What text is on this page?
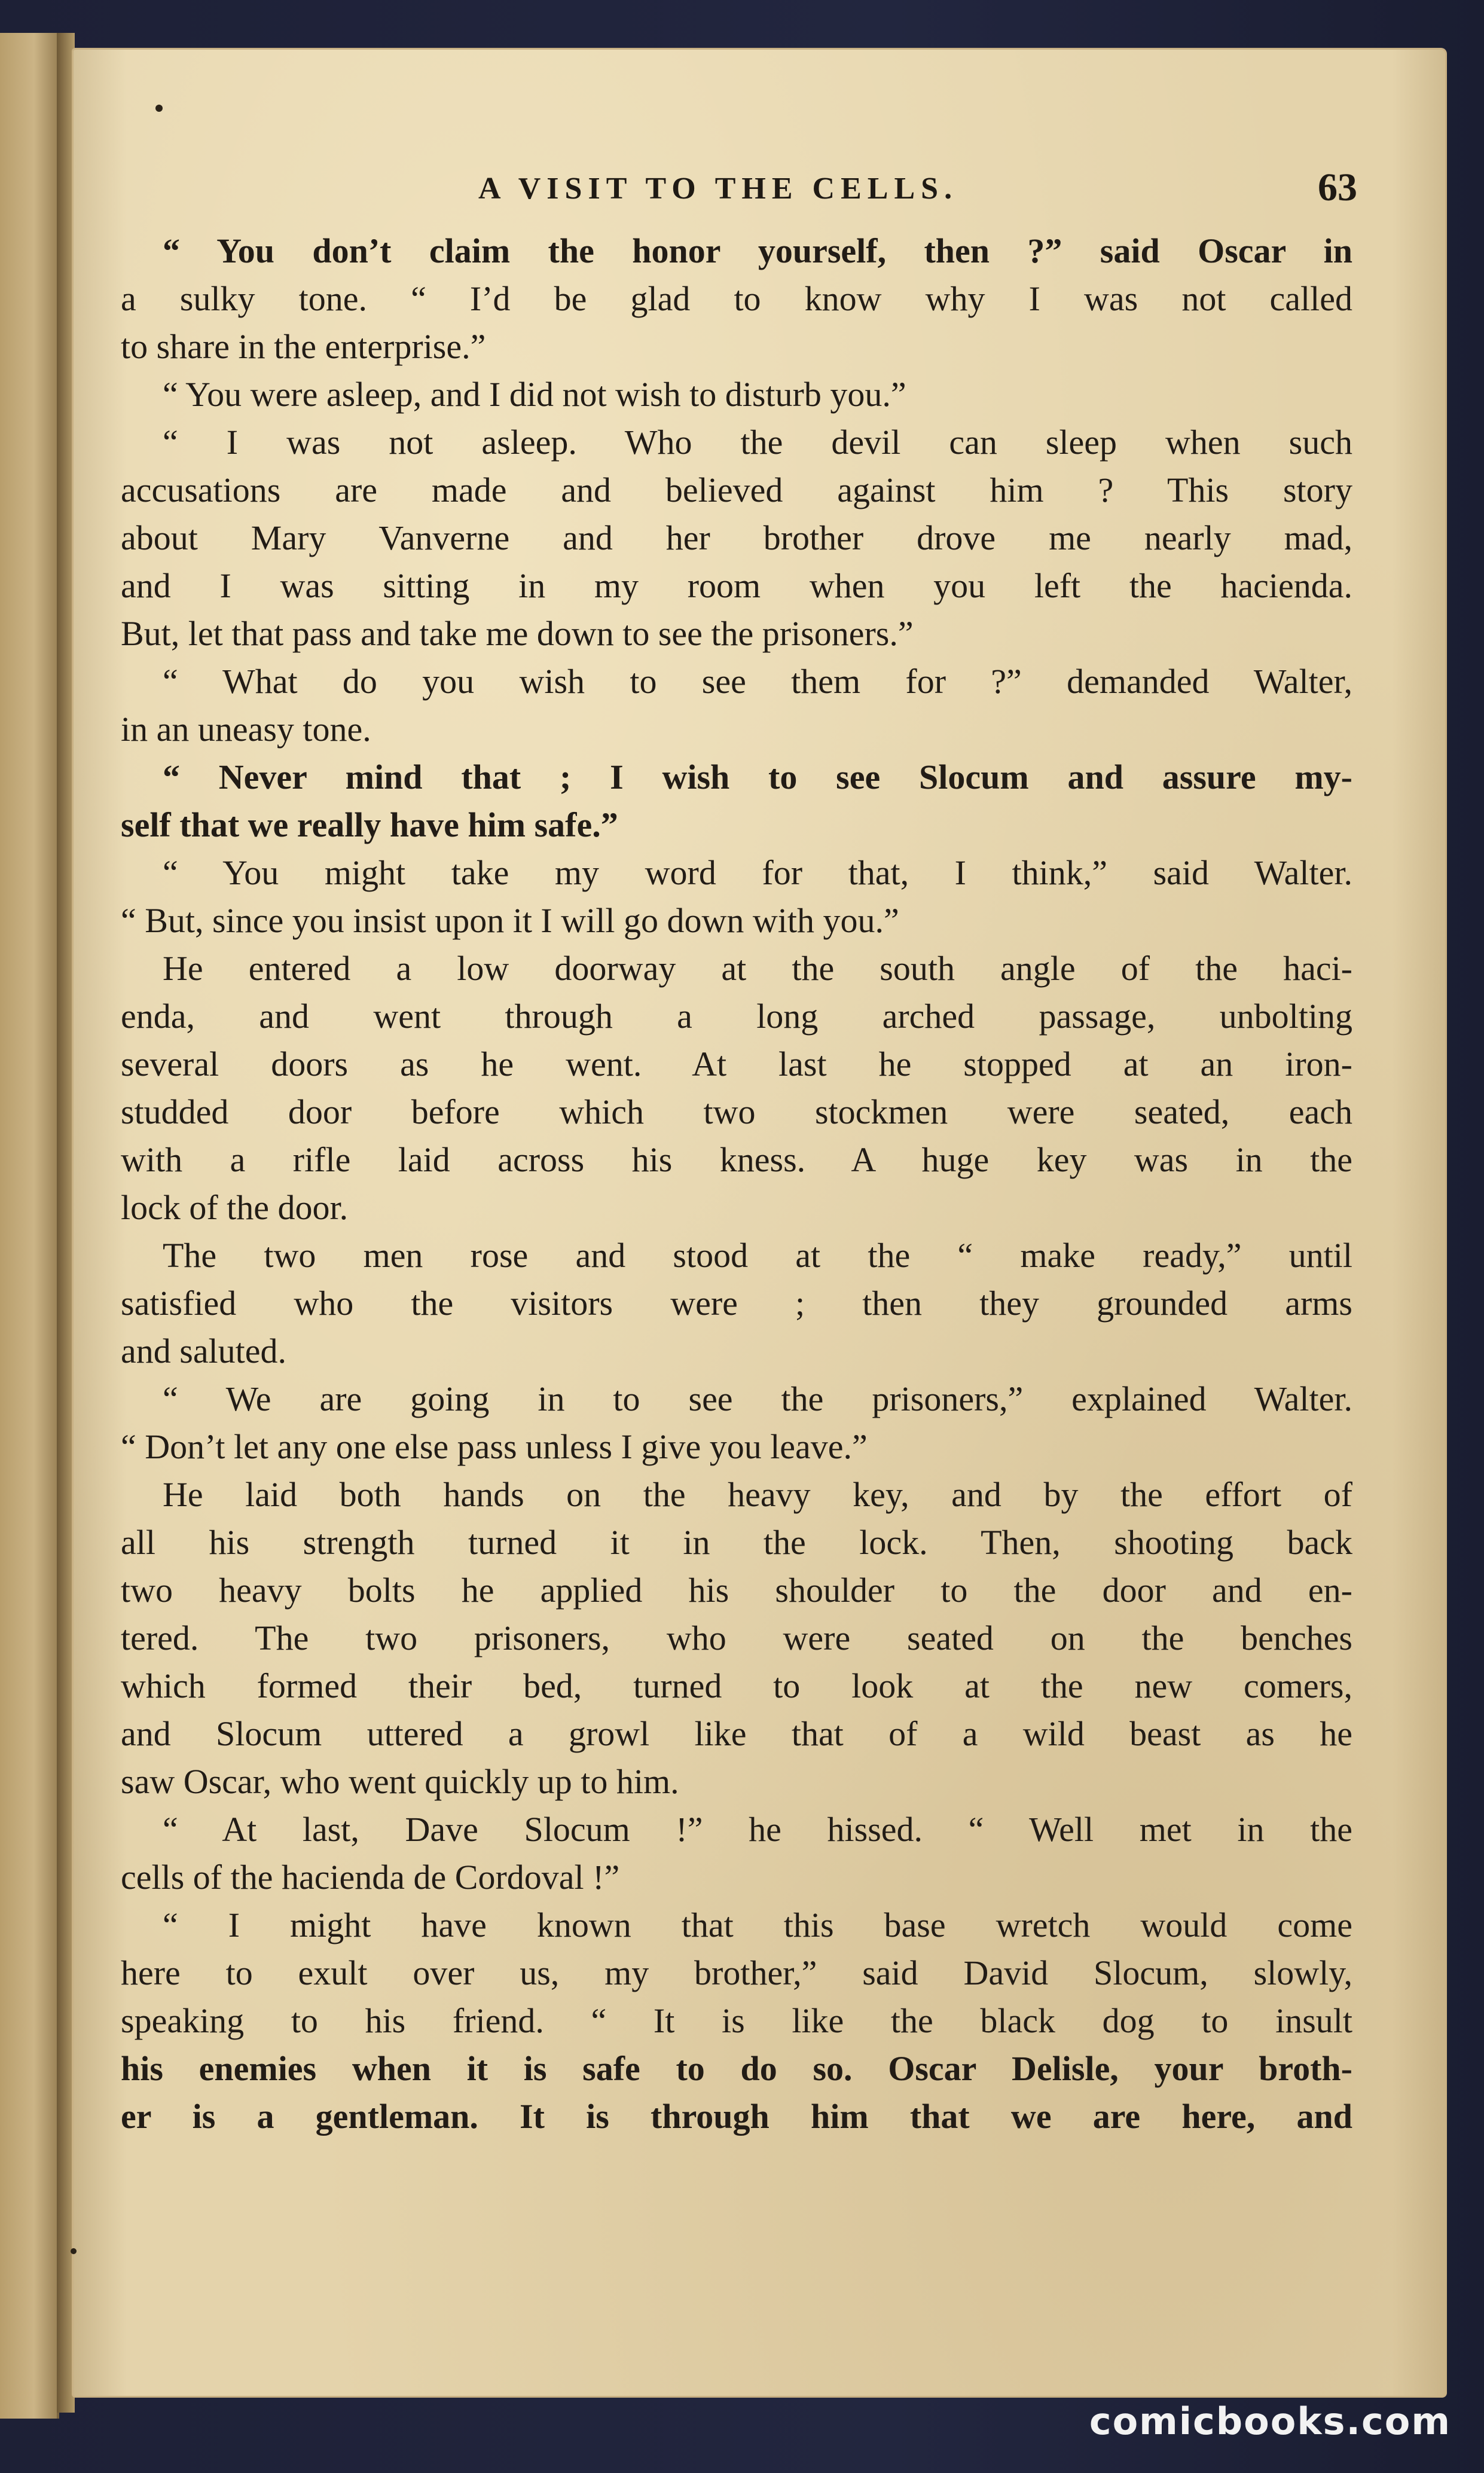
A VISIT TO THE CELLS.	63
“ You don’t claim the honor yourself, then ?” said Oscar in
a sulky tone. “ I’d be glad to know why I was not called
to share in the enterprise.”
“ You were asleep, and I did not wish to disturb you.”
“ I was not asleep. Who the devil can sleep when such
accusations are made and believed against him ? This story
about Mary Vanverne and her brother drove me nearly mad,
and I was sitting in my room when you left the hacienda.
But, let that pass and take me down to see the prisoners.”
“ What do you wish to see them for ?” demanded Walter,
in an uneasy tone.
“ Never mind that ; I wish to see Slocum and assure my-
self that we really have him safe.”
“ You might take my word for that, I think,” said Walter.
“ But, since you insist upon it I will go down with you.”
He entered a low doorway at the south angle of the haci-
enda, and went through a long arched passage, unbolting
several doors as he went. At last he stopped at an iron-
studded door before which two stockmen were seated, each
with a rifle laid across his kness. A huge key was in the
lock of the door.
The two men rose and stood at the “ make ready,” until
satisfied who the visitors were ; then they grounded arms
and saluted.
“ We are going in to see the prisoners,” explained Walter.
“ Don’t let any one else pass unless I give you leave.”
He laid both hands on the heavy key, and by the effort of
all his strength turned it in the lock. Then, shooting back
two heavy bolts he applied his shoulder to the door and en-
tered. The two prisoners, who were seated on the benches
which formed their bed, turned to look at the new comers,
and Slocum uttered a growl like that of a wild beast as he
saw Oscar, who went quickly up to him.
“ At last, Dave Slocum !” he hissed. “ Well met in the
cells of the hacienda de Cordoval !”
“ I might have known that this base wretch would come
here to exult over us, my brother,” said David Slocum, slowly,
speaking to his friend. “ It is like the black dog to insult
his enemies when it is safe to do so. Oscar Delisle, your broth-
er is a gentleman. It is through him that we are here, and
comicbooks.com
